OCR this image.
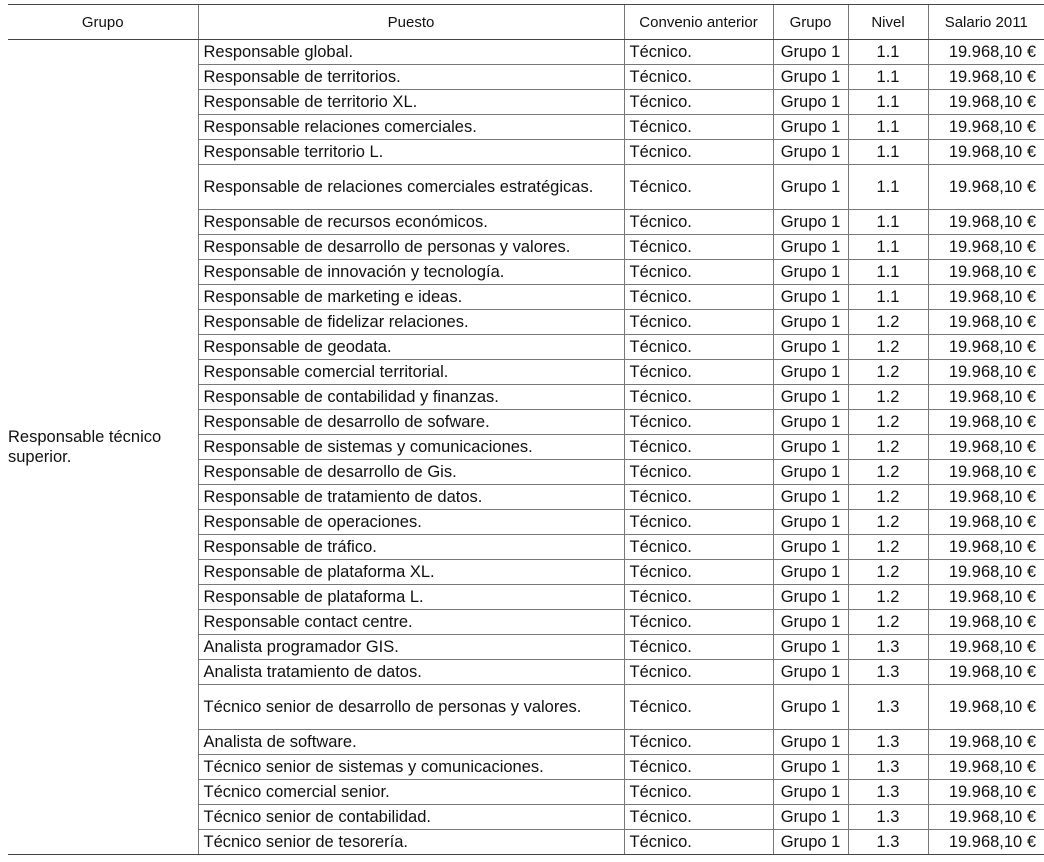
Grupo	Puesto	Convenio anterior	Grupo	Nivel	Salario 2011
Responsable técnico superior.	Responsable global.	Técnico.	Grupo 1	1.1	19.968,10 €
	Responsable de territorios.	Técnico.	Grupo 1	1.1	19.968,10 €
	Responsable de territorio XL.	Técnico.	Grupo 1	1.1	19.968,10 €
	Responsable relaciones comerciales.	Técnico.	Grupo 1	1.1	19.968,10 €
	Responsable territorio L.	Técnico.	Grupo 1	1.1	19.968,10 €
	Responsable de relaciones comerciales estratégicas.	Técnico.	Grupo 1	1.1	19.968,10 €
	Responsable de recursos económicos.	Técnico.	Grupo 1	1.1	19.968,10 €
	Responsable de desarrollo de personas y valores.	Técnico.	Grupo 1	1.1	19.968,10 €
	Responsable de innovación y tecnología.	Técnico.	Grupo 1	1.1	19.968,10 €
	Responsable de marketing e ideas.	Técnico.	Grupo 1	1.1	19.968,10 €
	Responsable de fidelizar relaciones.	Técnico.	Grupo 1	1.2	19.968,10 €
	Responsable de geodata.	Técnico.	Grupo 1	1.2	19.968,10 €
	Responsable comercial territorial.	Técnico.	Grupo 1	1.2	19.968,10 €
	Responsable de contabilidad y finanzas.	Técnico.	Grupo 1	1.2	19.968,10 €
	Responsable de desarrollo de sofware.	Técnico.	Grupo 1	1.2	19.968,10 €
	Responsable de sistemas y comunicaciones.	Técnico.	Grupo 1	1.2	19.968,10 €
	Responsable de desarrollo de Gis.	Técnico.	Grupo 1	1.2	19.968,10 €
	Responsable de tratamiento de datos.	Técnico.	Grupo 1	1.2	19.968,10 €
	Responsable de operaciones.	Técnico.	Grupo 1	1.2	19.968,10 €
	Responsable de tráfico.	Técnico.	Grupo 1	1.2	19.968,10 €
	Responsable de plataforma XL.	Técnico.	Grupo 1	1.2	19.968,10 €
	Responsable de plataforma L.	Técnico.	Grupo 1	1.2	19.968,10 €
	Responsable contact centre.	Técnico.	Grupo 1	1.2	19.968,10 €
	Analista programador GIS.	Técnico.	Grupo 1	1.3	19.968,10 €
	Analista tratamiento de datos.	Técnico.	Grupo 1	1.3	19.968,10 €
	Técnico senior de desarrollo de personas y valores.	Técnico.	Grupo 1	1.3	19.968,10 €
	Analista de software.	Técnico.	Grupo 1	1.3	19.968,10 €
	Técnico senior de sistemas y comunicaciones.	Técnico.	Grupo 1	1.3	19.968,10 €
	Técnico comercial senior.	Técnico.	Grupo 1	1.3	19.968,10 €
	Técnico senior de contabilidad.	Técnico.	Grupo 1	1.3	19.968,10 €
	Técnico senior de tesorería.	Técnico.	Grupo 1	1.3	19.968,10 €
